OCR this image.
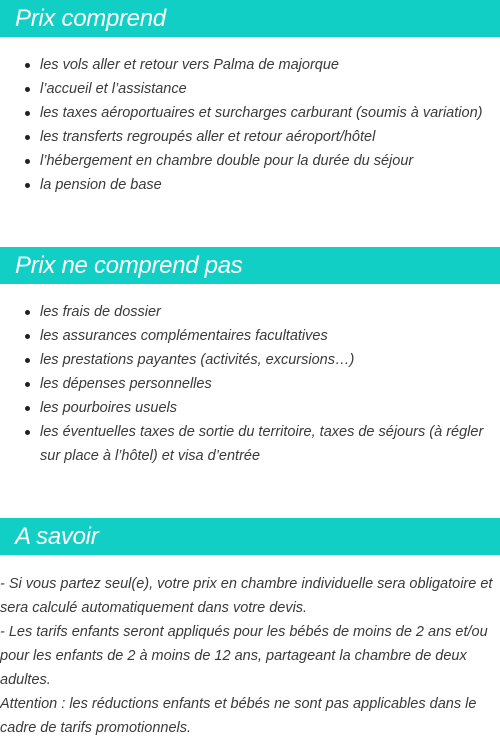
Prix comprend
les vols aller et retour vers Palma de majorque
l’accueil et l’assistance
les taxes aéroportuaires et surcharges carburant (soumis à variation)
les transferts regroupés aller et retour aéroport/hôtel
l’hébergement en chambre double pour la durée du séjour
la pension de base
Prix ne comprend pas
les frais de dossier
les assurances complémentaires facultatives
les prestations payantes (activités, excursions…)
les dépenses personnelles
les pourboires usuels
les éventuelles taxes de sortie du territoire, taxes de séjours (à régler sur place à l’hôtel) et visa d’entrée
A savoir

- Si vous partez seul(e), votre prix en chambre individuelle sera obligatoire et sera calculé automatiquement dans votre devis.

- Les tarifs enfants seront appliqués pour les bébés de moins de 2 ans et/ou pour les enfants de 2 à moins de 12 ans, partageant la chambre de deux adultes.

Attention : les réductions enfants et bébés ne sont pas applicables dans le cadre de tarifs promotionnels.
